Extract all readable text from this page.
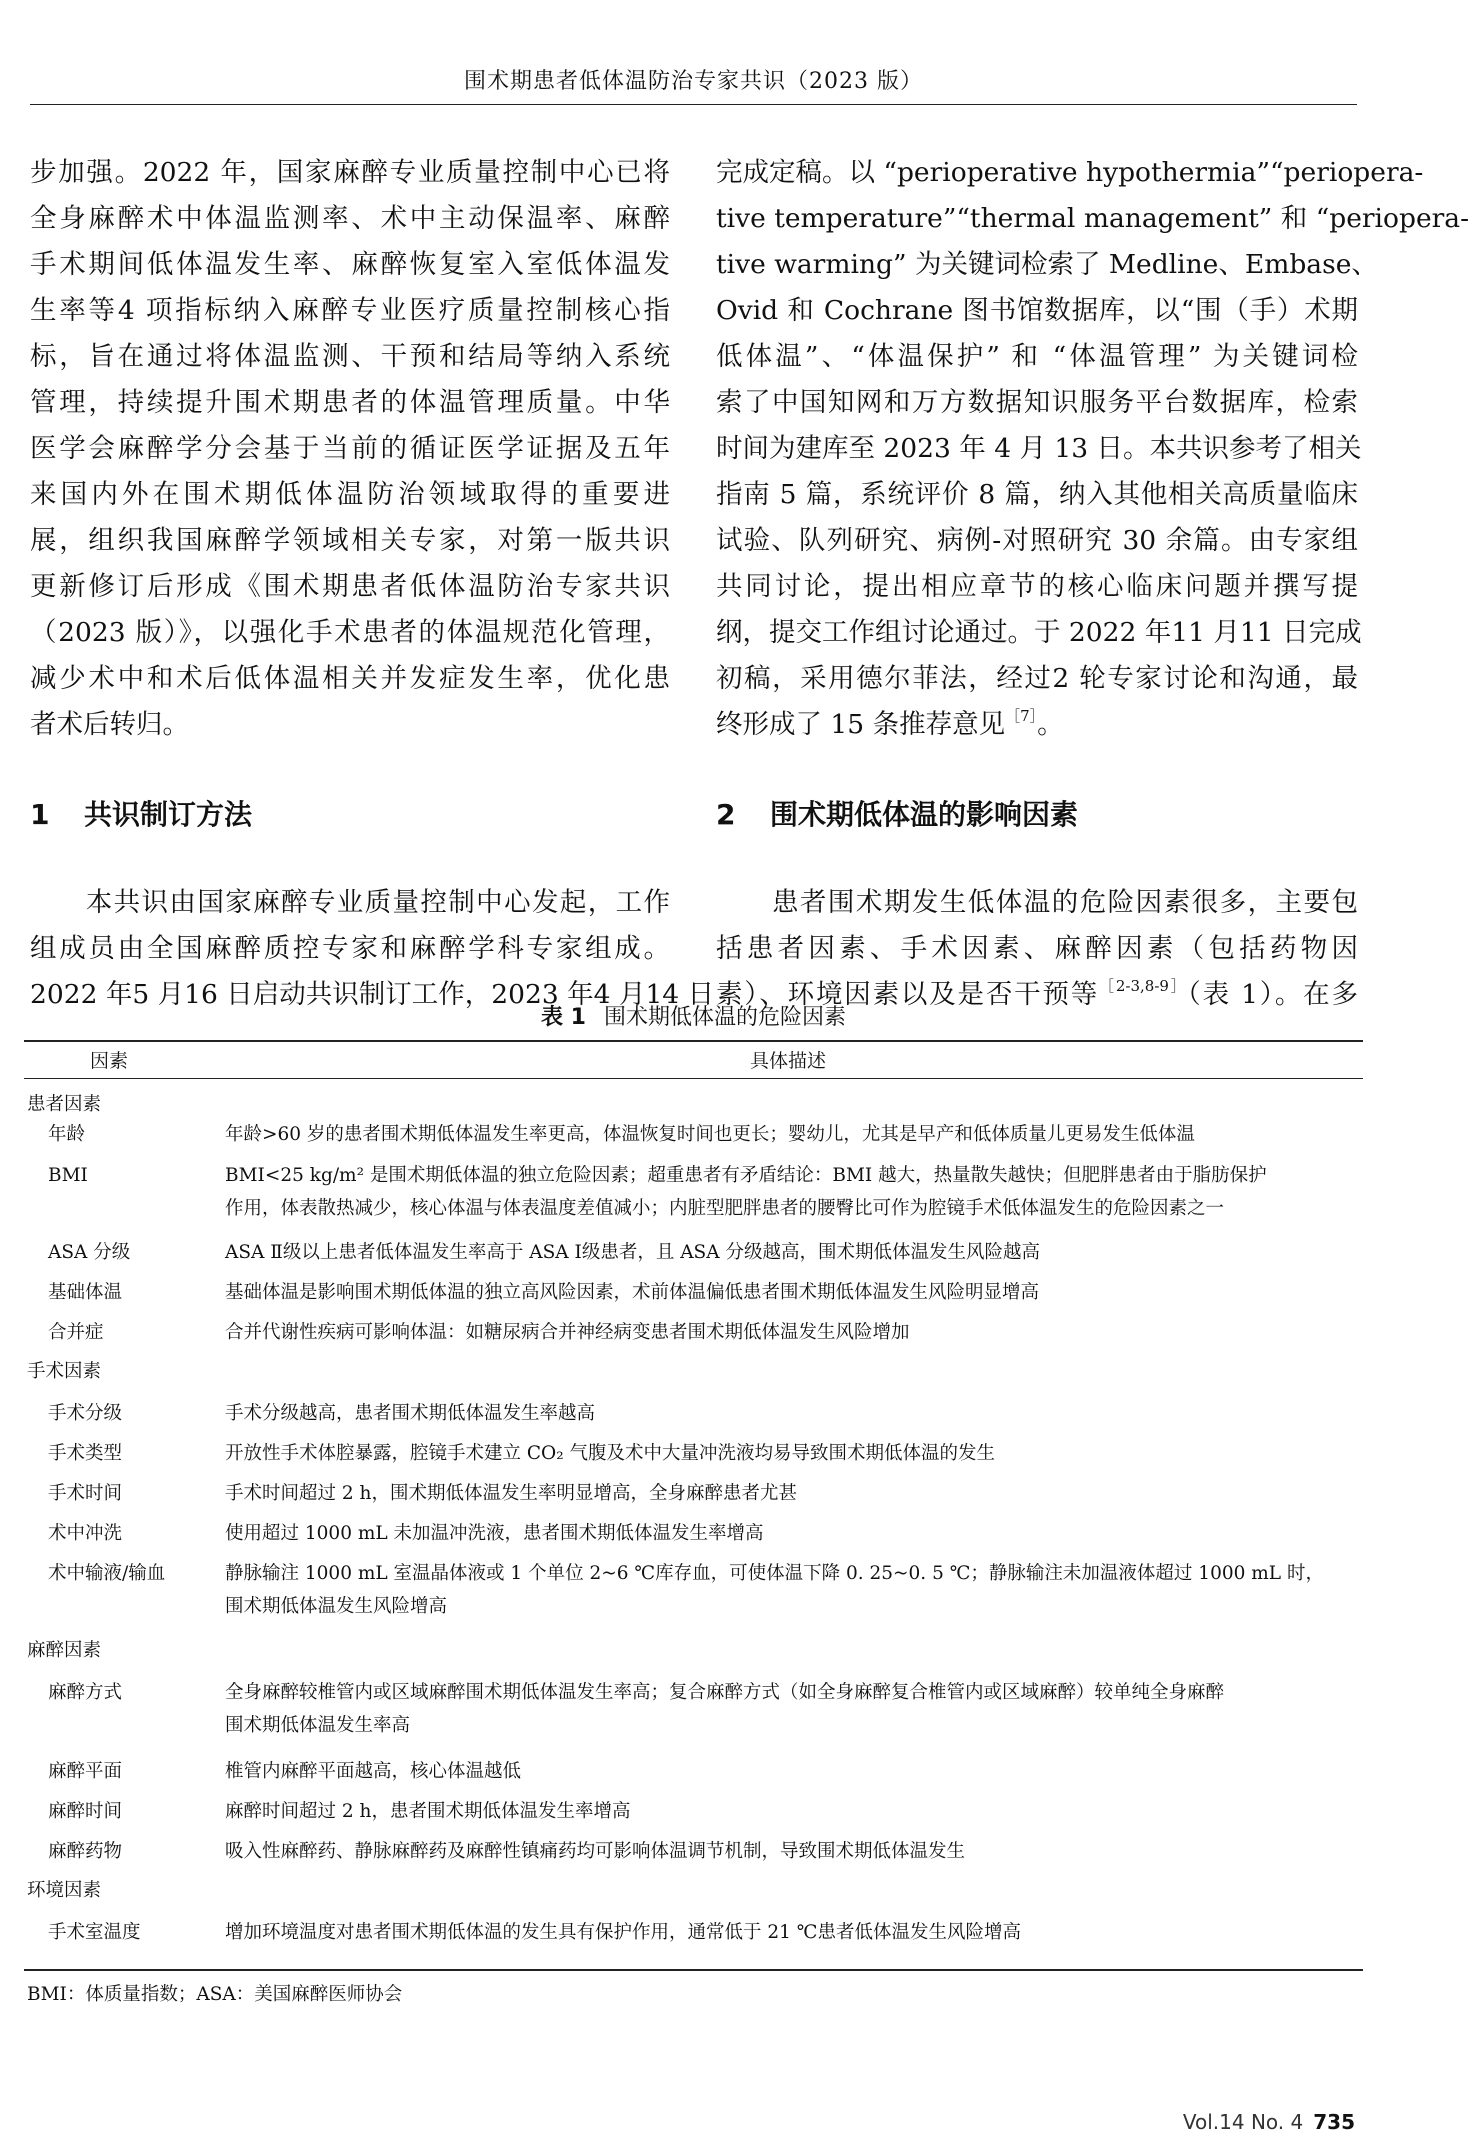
围术期患者低体温防治专家共识（2023 版）

步加强。2022 年，国家麻醉专业质量控制中心已将
全身麻醉术中体温监测率、术中主动保温率、麻醉
手术期间低体温发生率、麻醉恢复室入室低体温发
生率等4 项指标纳入麻醉专业医疗质量控制核心指
标，旨在通过将体温监测、干预和结局等纳入系统
管理，持续提升围术期患者的体温管理质量。中华
医学会麻醉学分会基于当前的循证医学证据及五年
来国内外在围术期低体温防治领域取得的重要进
展，组织我国麻醉学领域相关专家，对第一版共识
更新修订后形成《围术期患者低体温防治专家共识
（2023 版）》，以强化手术患者的体温规范化管理，
减少术中和术后低体温相关并发症发生率，优化患
者术后转归。

1 共识制订方法

　　本共识由国家麻醉专业质量控制中心发起，工作
组成员由全国麻醉质控专家和麻醉学科专家组成。
2022 年5 月16 日启动共识制订工作，2023 年4 月14 日

完成定稿。以 “perioperative hypothermia”“periopera-
tive temperature”“thermal management” 和 “periopera-
tive warming” 为关键词检索了 Medline、Embase、
Ovid 和 Cochrane 图书馆数据库，以“围（手）术期
低体温”、“体温保护” 和 “体温管理” 为关键词检
索了中国知网和万方数据知识服务平台数据库，检索
时间为建库至 2023 年 4 月 13 日。本共识参考了相关
指南 5 篇，系统评价 8 篇，纳入其他相关高质量临床
试验、队列研究、病例-对照研究 30 余篇。由专家组
共同讨论，提出相应章节的核心临床问题并撰写提
纲，提交工作组讨论通过。于 2022 年11 月11 日完成
初稿，采用德尔菲法，经过2 轮专家讨论和沟通，最
终形成了 15 条推荐意见$^{[7]}$。

2 围术期低体温的影响因素

　　患者围术期发生低体温的危险因素很多，主要包
括患者因素、手术因素、麻醉因素（包括药物因
素）、环境因素以及是否干预等$^{[2-3,8-9]}$（表 1）。在多

表 1 围术期低体温的危险因素
因素	具体描述
患者因素
年龄	年龄>60 岁的患者围术期低体温发生率更高，体温恢复时间也更长；婴幼儿，尤其是早产和低体质量儿更易发生低体温
BMI	BMI<25 kg/m² 是围术期低体温的独立危险因素；超重患者有矛盾结论：BMI 越大，热量散失越快；但肥胖患者由于脂肪保护
作用，体表散热减少，核心体温与体表温度差值减小；内脏型肥胖患者的腰臀比可作为腔镜手术低体温发生的危险因素之一
ASA 分级	ASA Ⅱ级以上患者低体温发生率高于 ASA Ⅰ级患者，且 ASA 分级越高，围术期低体温发生风险越高
基础体温	基础体温是影响围术期低体温的独立高风险因素，术前体温偏低患者围术期低体温发生风险明显增高
合并症	合并代谢性疾病可影响体温：如糖尿病合并神经病变患者围术期低体温发生风险增加
手术因素
手术分级	手术分级越高，患者围术期低体温发生率越高
手术类型	开放性手术体腔暴露，腔镜手术建立 CO₂ 气腹及术中大量冲洗液均易导致围术期低体温的发生
手术时间	手术时间超过 2 h，围术期低体温发生率明显增高，全身麻醉患者尤甚
术中冲洗	使用超过 1000 mL 未加温冲洗液，患者围术期低体温发生率增高
术中输液/输血	静脉输注 1000 mL 室温晶体液或 1 个单位 2~6 ℃库存血，可使体温下降 0. 25~0. 5 ℃；静脉输注未加温液体超过 1000 mL 时，
围术期低体温发生风险增高
麻醉因素
麻醉方式	全身麻醉较椎管内或区域麻醉围术期低体温发生率高；复合麻醉方式（如全身麻醉复合椎管内或区域麻醉）较单纯全身麻醉
围术期低体温发生率高
麻醉平面	椎管内麻醉平面越高，核心体温越低
麻醉时间	麻醉时间超过 2 h，患者围术期低体温发生率增高
麻醉药物	吸入性麻醉药、静脉麻醉药及麻醉性镇痛药均可影响体温调节机制，导致围术期低体温发生
环境因素
手术室温度	增加环境温度对患者围术期低体温的发生具有保护作用，通常低于 21 ℃患者低体温发生风险增高
BMI：体质量指数；ASA：美国麻醉医师协会
Vol.14 No. 4 735
